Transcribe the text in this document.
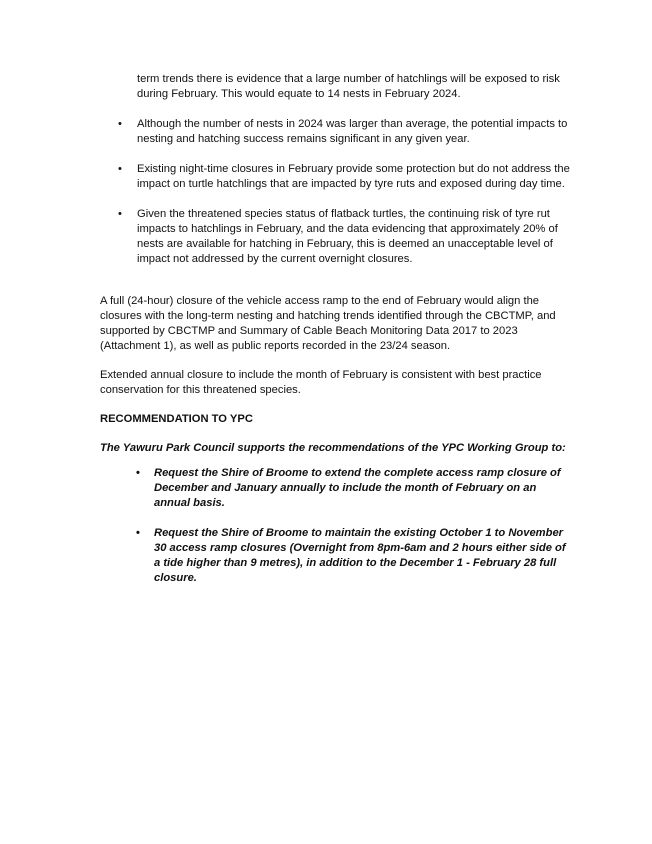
term trends there is evidence that a large number of hatchlings will be exposed to risk during February. This would equate to 14 nests in February 2024.

• Although the number of nests in 2024 was larger than average, the potential impacts to nesting and hatching success remains significant in any given year.
• Existing night-time closures in February provide some protection but do not address the impact on turtle hatchlings that are impacted by tyre ruts and exposed during day time.
• Given the threatened species status of flatback turtles, the continuing risk of tyre rut impacts to hatchlings in February, and the data evidencing that approximately 20% of nests are available for hatching in February, this is deemed an unacceptable level of impact not addressed by the current overnight closures.

A full (24-hour) closure of the vehicle access ramp to the end of February would align the closures with the long-term nesting and hatching trends identified through the CBCTMP, and supported by CBCTMP and Summary of Cable Beach Monitoring Data 2017 to 2023 (Attachment 1), as well as public reports recorded in the 23/24 season.

Extended annual closure to include the month of February is consistent with best practice conservation for this threatened species.

RECOMMENDATION TO YPC

The Yawuru Park Council supports the recommendations of the YPC Working Group to:

• Request the Shire of Broome to extend the complete access ramp closure of December and January annually to include the month of February on an annual basis.
• Request the Shire of Broome to maintain the existing October 1 to November 30 access ramp closures (Overnight from 8pm-6am and 2 hours either side of a tide higher than 9 metres), in addition to the December 1 - February 28 full closure.
